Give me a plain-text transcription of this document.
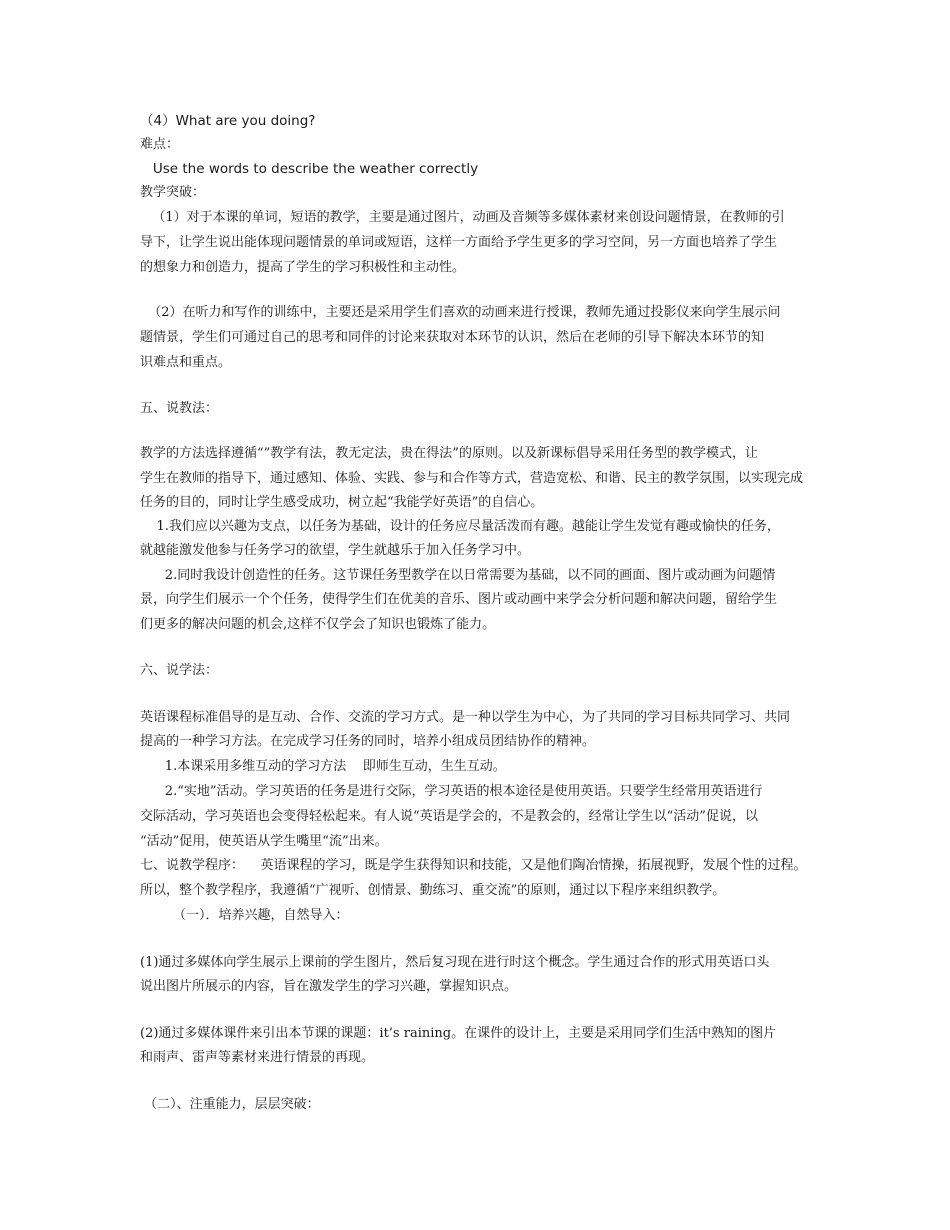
（4）What are you doing?
难点：
Use the words to describe the weather correctly
教学突破：
（1）对于本课的单词，短语的教学，主要是通过图片，动画及音频等多媒体素材来创设问题情景，在教师的引
导下，让学生说出能体现问题情景的单词或短语，这样一方面给予学生更多的学习空间，另一方面也培养了学生
的想象力和创造力，提高了学生的学习积极性和主动性。
（2）在听力和写作的训练中，主要还是采用学生们喜欢的动画来进行授课，教师先通过投影仪来向学生展示问
题情景，学生们可通过自己的思考和同伴的讨论来获取对本环节的认识，然后在老师的引导下解决本环节的知
识难点和重点。
五、说教法：
教学的方法选择遵循“”教学有法，教无定法，贵在得法”的原则。以及新课标倡导采用任务型的教学模式，让
学生在教师的指导下，通过感知、体验、实践、参与和合作等方式，营造宽松、和谐、民主的教学氛围，以实现完成
任务的目的，同时让学生感受成功，树立起“我能学好英语”的自信心。
1.我们应以兴趣为支点，以任务为基础，设计的任务应尽量活泼而有趣。越能让学生发觉有趣或愉快的任务，
就越能激发他参与任务学习的欲望，学生就越乐于加入任务学习中。
2.同时我设计创造性的任务。这节课任务型教学在以日常需要为基础，以不同的画面、图片或动画为问题情
景，向学生们展示一个个任务，使得学生们在优美的音乐、图片或动画中来学会分析问题和解决问题，留给学生
们更多的解决问题的机会,这样不仅学会了知识也锻炼了能力。
六、说学法：
英语课程标准倡导的是互动、合作、交流的学习方式。是一种以学生为中心，为了共同的学习目标共同学习、共同
提高的一种学习方法。在完成学习任务的同时，培养小组成员团结协作的精神。
1.本课采用多维互动的学习方法    即师生互动，生生互动。
2.“实地”活动。学习英语的任务是进行交际，学习英语的根本途径是使用英语。只要学生经常用英语进行
交际活动，学习英语也会变得轻松起来。有人说“英语是学会的，不是教会的，经常让学生以“活动”促说，以
“活动”促用，使英语从学生嘴里“流”出来。
七、说教学程序：    英语课程的学习，既是学生获得知识和技能，又是他们陶冶情操，拓展视野，发展个性的过程。
所以，整个教学程序，我遵循“广视听、创情景、勤练习、重交流”的原则，通过以下程序来组织教学。
（一）．培养兴趣，自然导入：
(1)通过多媒体向学生展示上课前的学生图片，然后复习现在进行时这个概念。学生通过合作的形式用英语口头
说出图片所展示的内容，旨在激发学生的学习兴趣，掌握知识点。
(2)通过多媒体课件来引出本节课的课题：it’s raining。在课件的设计上，主要是采用同学们生活中熟知的图片
和雨声、雷声等素材来进行情景的再现。
（二）、注重能力，层层突破：
